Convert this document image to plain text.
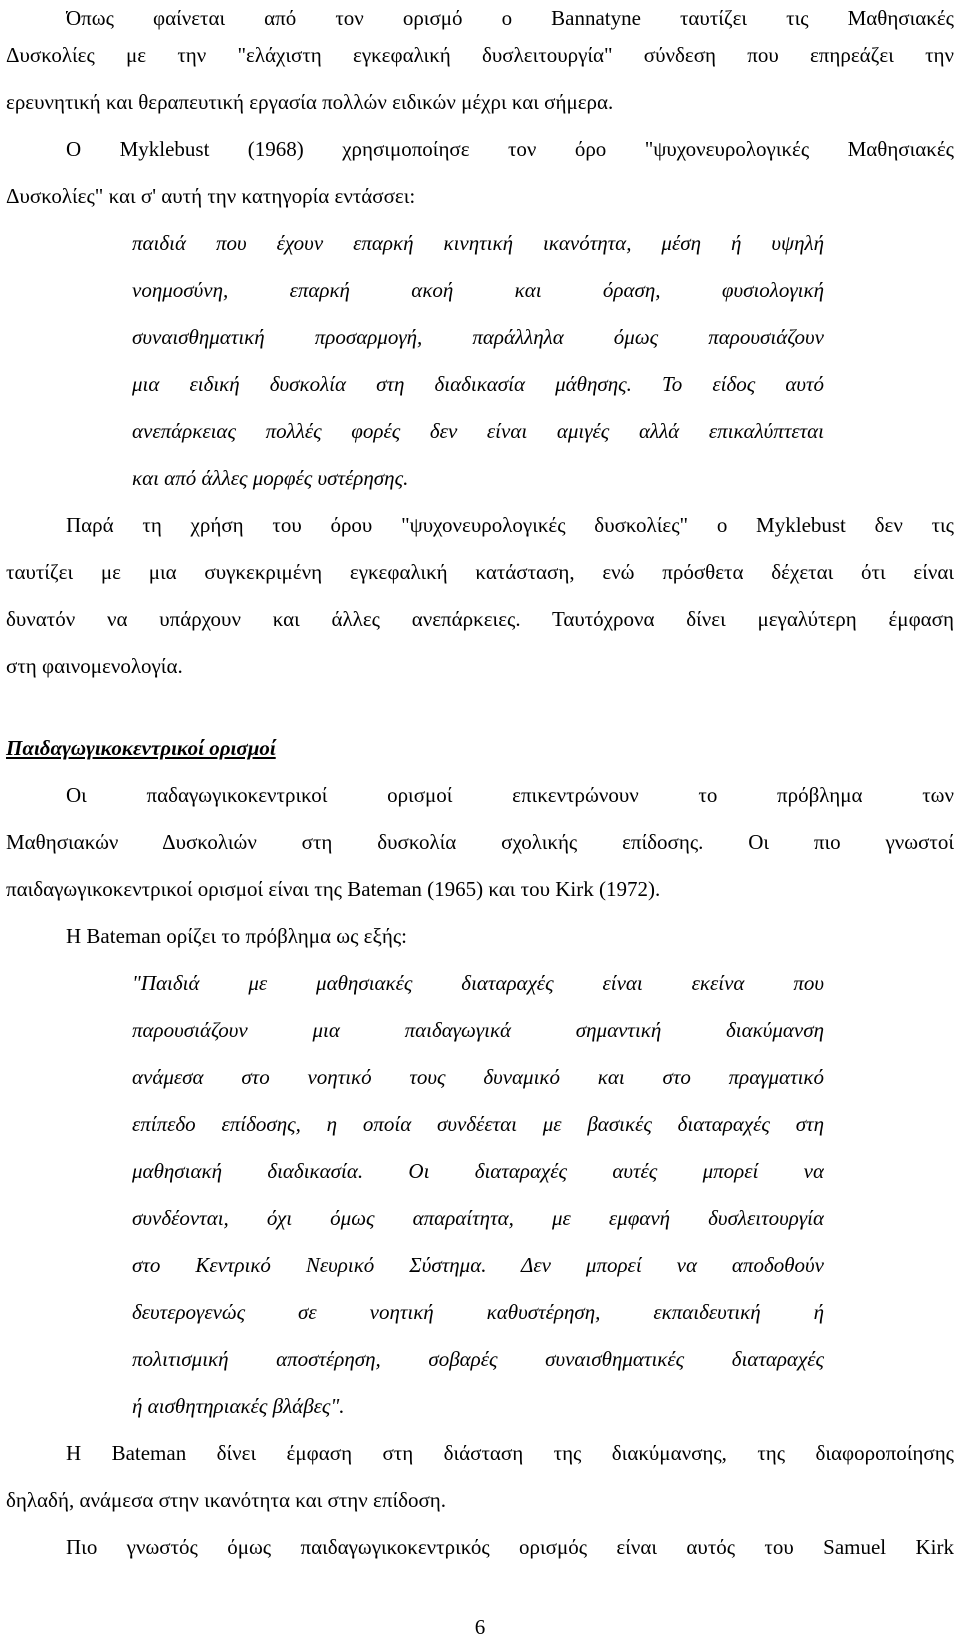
Όπως φαίνεται από τον ορισμό ο Bannatyne ταυτίζει τις Μαθησιακές
Δυσκολίες με την "ελάχιστη εγκεφαλική δυσλειτουργία" σύνδεση που επηρεάζει την
ερευνητική και θεραπευτική εργασία πολλών ειδικών μέχρι και σήμερα.
Ο Myklebust (1968) χρησιμοποίησε τον όρο "ψυχονευρολογικές Μαθησιακές
Δυσκολίες" και σ' αυτή την κατηγορία εντάσσει:
παιδιά που έχουν επαρκή κινητική ικανότητα, μέση ή υψηλή
νοημοσύνη, επαρκή ακοή και όραση, φυσιολογική
συναισθηματική προσαρμογή, παράλληλα όμως παρουσιάζουν
μια ειδική δυσκολία στη διαδικασία μάθησης. Το είδος αυτό
ανεπάρκειας πολλές φορές δεν είναι αμιγές αλλά επικαλύπτεται
και από άλλες μορφές υστέρησης.
Παρά τη χρήση του όρου "ψυχονευρολογικές δυσκολίες" ο Myklebust δεν τις
ταυτίζει με μια συγκεκριμένη εγκεφαλική κατάσταση, ενώ πρόσθετα δέχεται ότι είναι
δυνατόν να υπάρχουν και άλλες ανεπάρκειες. Ταυτόχρονα δίνει μεγαλύτερη έμφαση
στη φαινομενολογία.
Παιδαγωγικοκεντρικοί ορισμοί
Οι παδαγωγικοκεντρικοί ορισμοί επικεντρώνουν το πρόβλημα των
Μαθησιακών Δυσκολιών στη δυσκολία σχολικής επίδοσης. Οι πιο γνωστοί
παιδαγωγικοκεντρικοί ορισμοί είναι της Bateman (1965) και του Kirk (1972).
Η Bateman ορίζει το πρόβλημα ως εξής:
"Παιδιά με μαθησιακές διαταραχές είναι εκείνα που
παρουσιάζουν μια παιδαγωγικά σημαντική διακύμανση
ανάμεσα στο νοητικό τους δυναμικό και στο πραγματικό
επίπεδο επίδοσης, η οποία συνδέεται με βασικές διαταραχές στη
μαθησιακή διαδικασία. Οι διαταραχές αυτές μπορεί να
συνδέονται, όχι όμως απαραίτητα, με εμφανή δυσλειτουργία
στο Κεντρικό Νευρικό Σύστημα. Δεν μπορεί να αποδοθούν
δευτερογενώς σε νοητική καθυστέρηση, εκπαιδευτική ή
πολιτισμική αποστέρηση, σοβαρές συναισθηματικές διαταραχές
ή αισθητηριακές βλάβες".
Η Bateman δίνει έμφαση στη διάσταση της διακύμανσης, της διαφοροποίησης
δηλαδή, ανάμεσα στην ικανότητα και στην επίδοση.
Πιο γνωστός όμως παιδαγωγικοκεντρικός ορισμός είναι αυτός του Samuel Kirk
6
